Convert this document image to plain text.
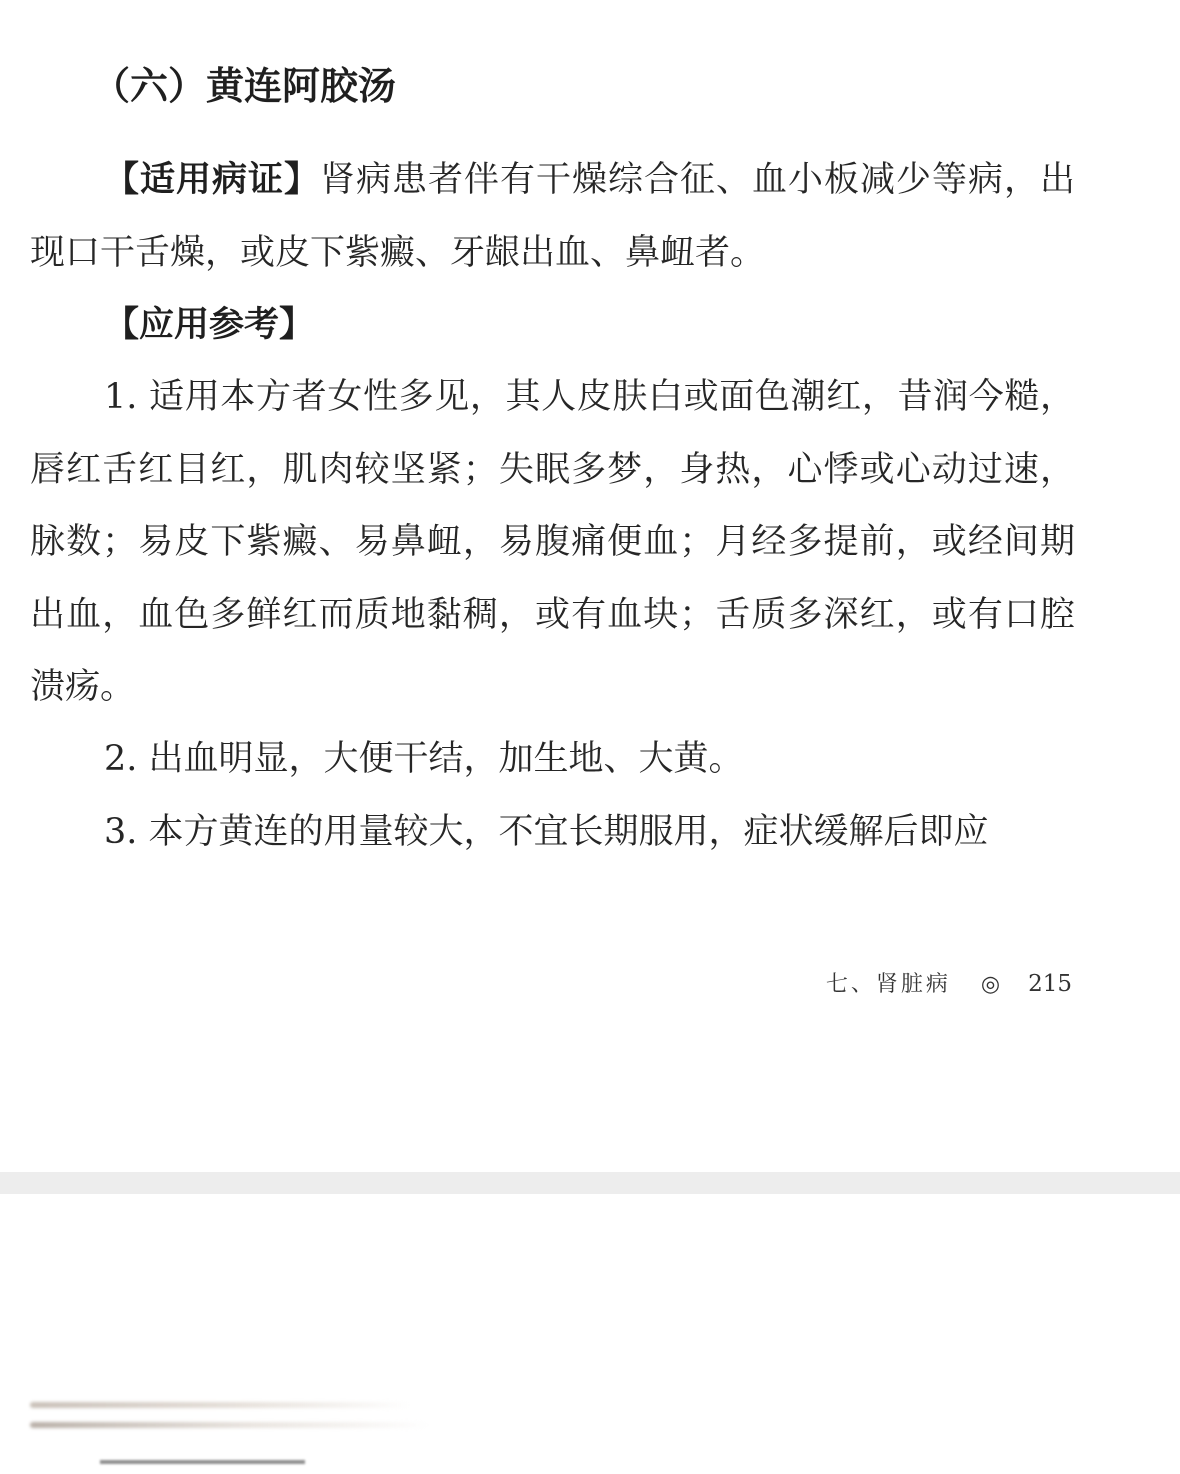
（六）黄连阿胶汤
【适用病证】肾病患者伴有干燥综合征、血小板减少等病，出现口干舌燥，或皮下紫癜、牙龈出血、鼻衄者。
【应用参考】
1. 适用本方者女性多见，其人皮肤白或面色潮红，昔润今糙，唇红舌红目红，肌肉较坚紧；失眠多梦，身热，心悸或心动过速，脉数；易皮下紫癜、易鼻衄，易腹痛便血；月经多提前，或经间期出血，血色多鲜红而质地黏稠，或有血块；舌质多深红，或有口腔溃疡。
2. 出血明显，大便干结，加生地、大黄。
3. 本方黄连的用量较大，不宜长期服用，症状缓解后即应
七、肾脏病 ◎ 215
